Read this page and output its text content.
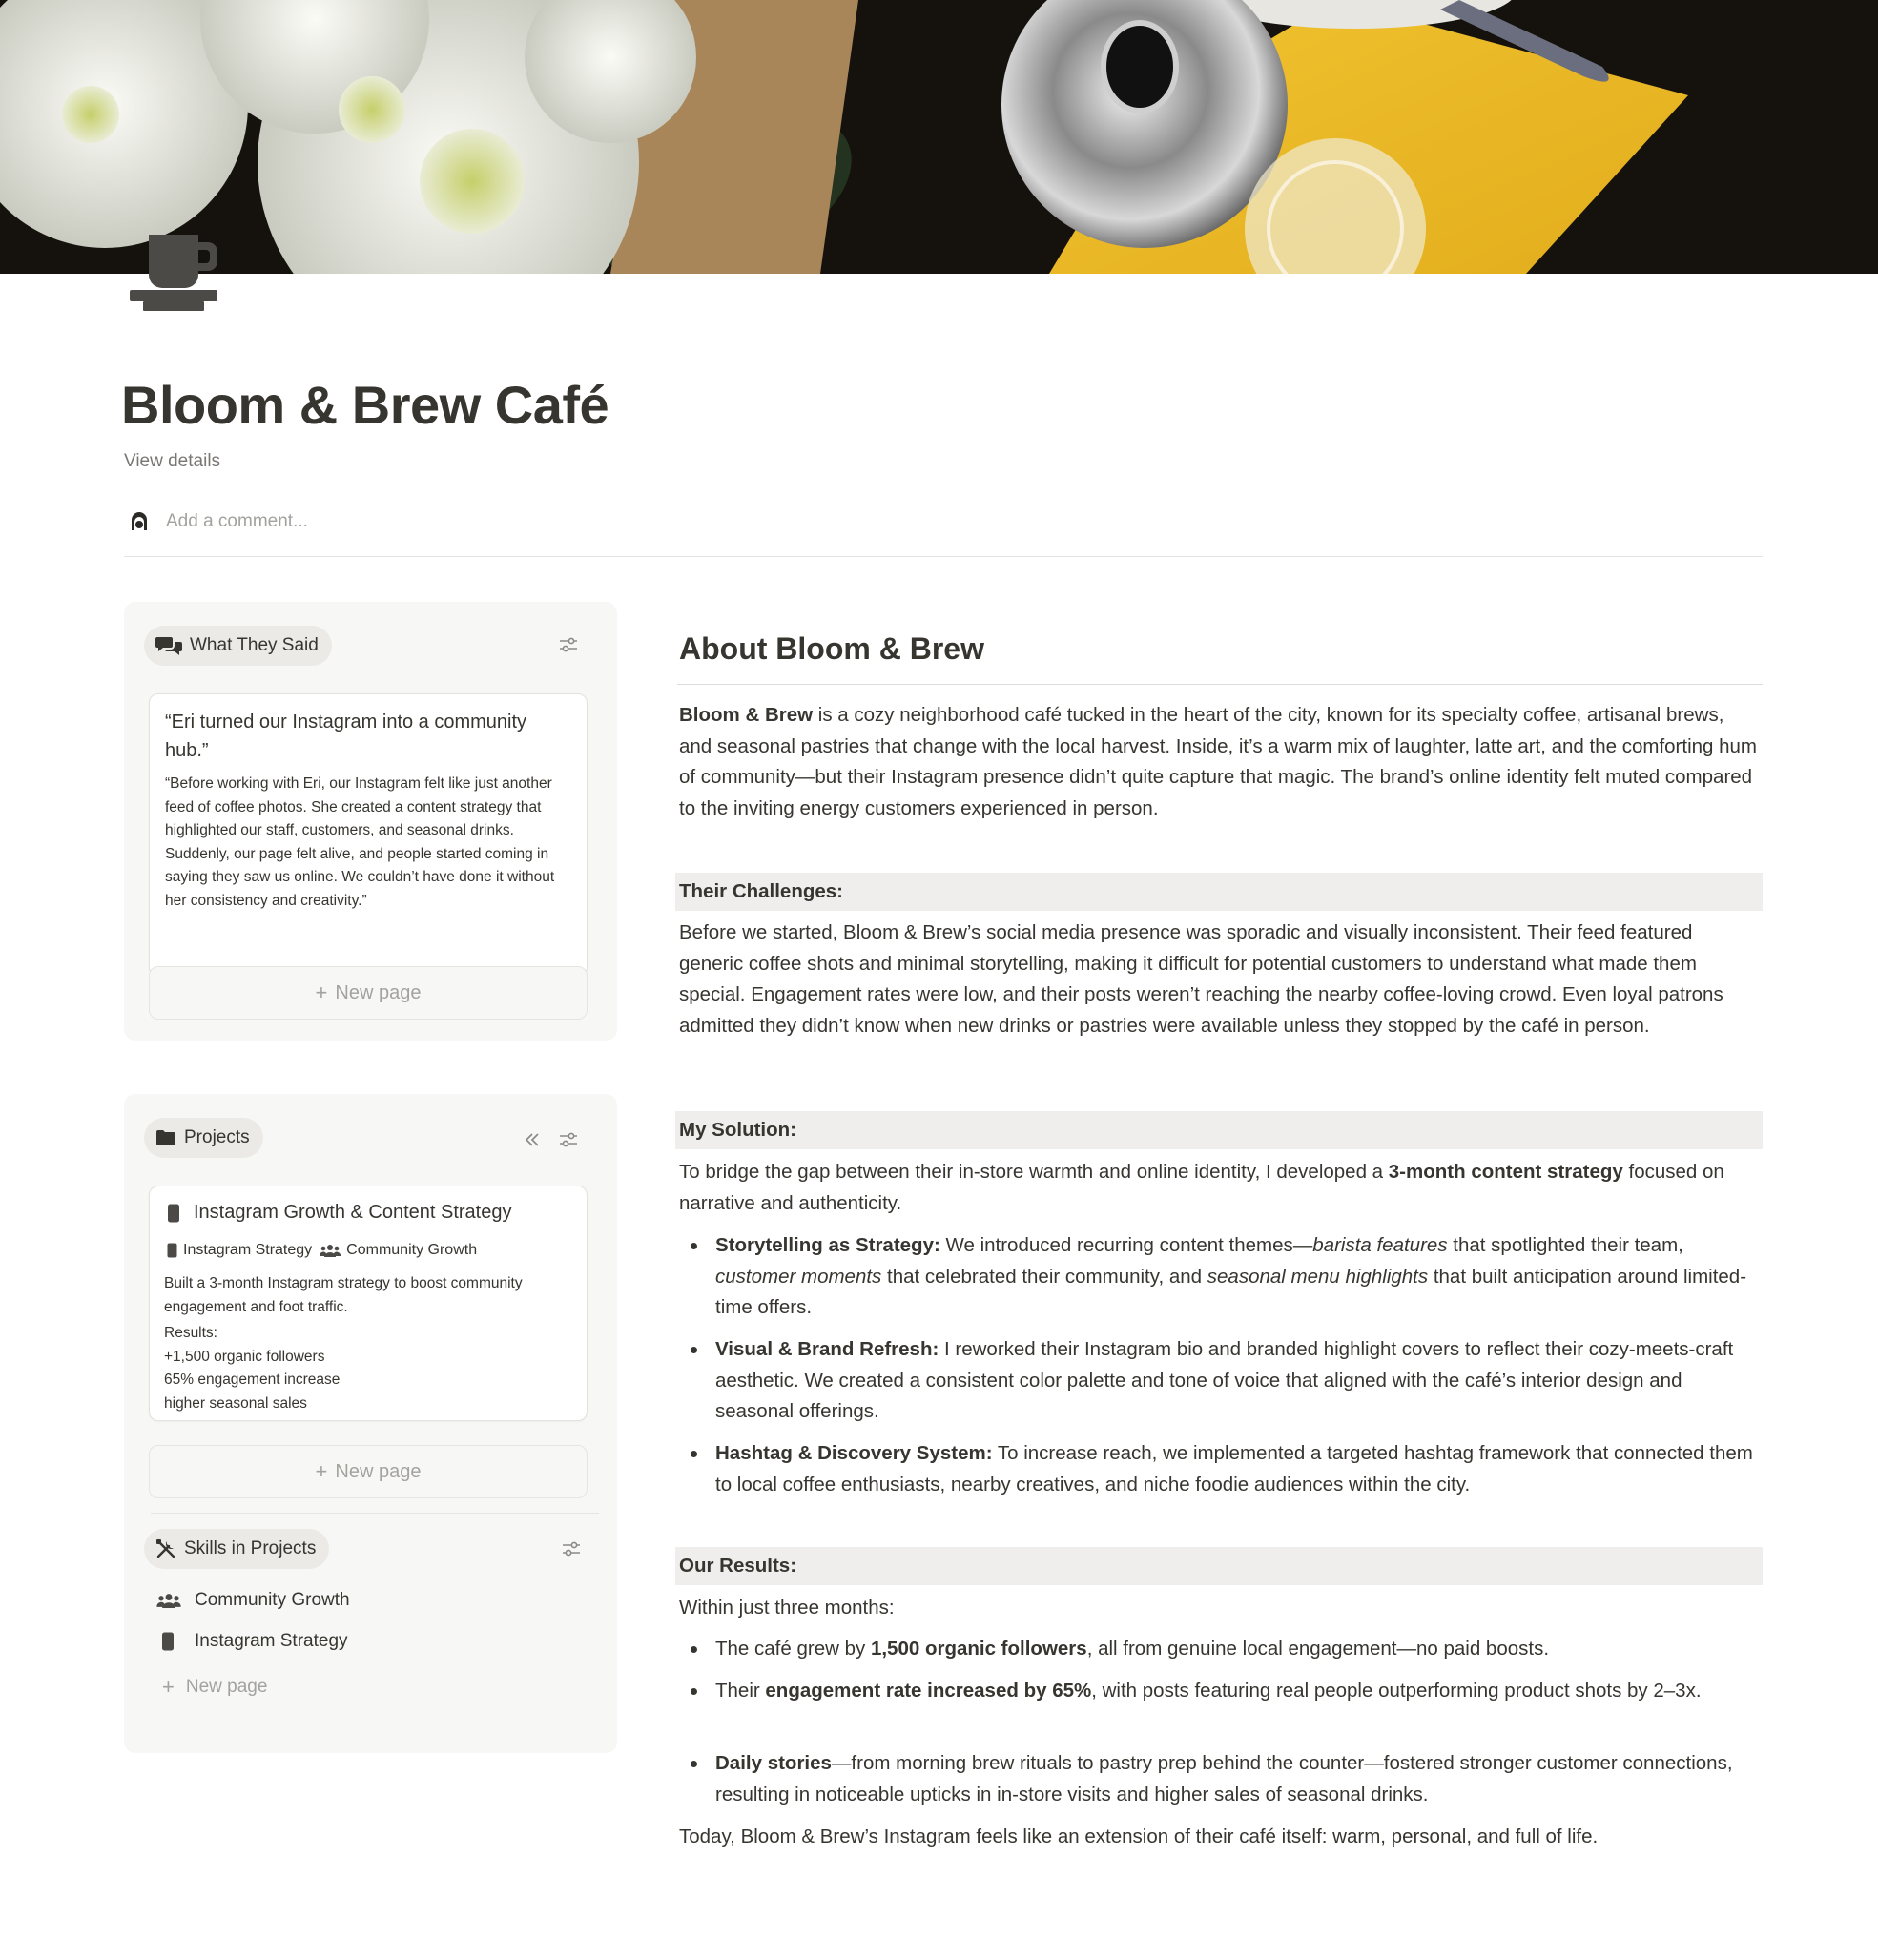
Bloom & Brew Café
View details
Add a comment...
What They Said
“Eri turned our Instagram into a community hub.”
“Before working with Eri, our Instagram felt like just another feed of coffee photos. She created a content strategy that highlighted our staff, customers, and seasonal drinks. Suddenly, our page felt alive, and people started coming in saying they saw us online. We couldn’t have done it without her consistency and creativity.”
+ New page
Projects
Instagram Growth & Content Strategy
Instagram Strategy Community Growth
Built a 3-month Instagram strategy to boost community engagement and foot traffic.
Results:
+1,500 organic followers
65% engagement increase
higher seasonal sales
+ New page
Skills in Projects
Community Growth
Instagram Strategy
+ New page
About Bloom & Brew

Bloom & Brew is a cozy neighborhood café tucked in the heart of the city, known for its specialty coffee, artisanal brews, and seasonal pastries that change with the local harvest. Inside, it’s a warm mix of laughter, latte art, and the comforting hum of community—but their Instagram presence didn’t quite capture that magic. The brand’s online identity felt muted compared to the inviting energy customers experienced in person.

Their Challenges:

Before we started, Bloom & Brew’s social media presence was sporadic and visually inconsistent. Their feed featured generic coffee shots and minimal storytelling, making it difficult for potential customers to understand what made them special. Engagement rates were low, and their posts weren’t reaching the nearby coffee-loving crowd. Even loyal patrons admitted they didn’t know when new drinks or pastries were available unless they stopped by the café in person.

My Solution:

To bridge the gap between their in-store warmth and online identity, I developed a 3-month content strategy focused on narrative and authenticity.

Storytelling as Strategy: We introduced recurring content themes—barista features that spotlighted their team, customer moments that celebrated their community, and seasonal menu highlights that built anticipation around limited-time offers.

Visual & Brand Refresh: I reworked their Instagram bio and branded highlight covers to reflect their cozy-meets-craft aesthetic. We created a consistent color palette and tone of voice that aligned with the café’s interior design and seasonal offerings.

Hashtag & Discovery System: To increase reach, we implemented a targeted hashtag framework that connected them to local coffee enthusiasts, nearby creatives, and niche foodie audiences within the city.

Our Results:

Within just three months:

The café grew by 1,500 organic followers, all from genuine local engagement—no paid boosts.

Their engagement rate increased by 65%, with posts featuring real people outperforming product shots by 2–3x.

Daily stories—from morning brew rituals to pastry prep behind the counter—fostered stronger customer connections, resulting in noticeable upticks in in-store visits and higher sales of seasonal drinks.

Today, Bloom & Brew’s Instagram feels like an extension of their café itself: warm, personal, and full of life.
